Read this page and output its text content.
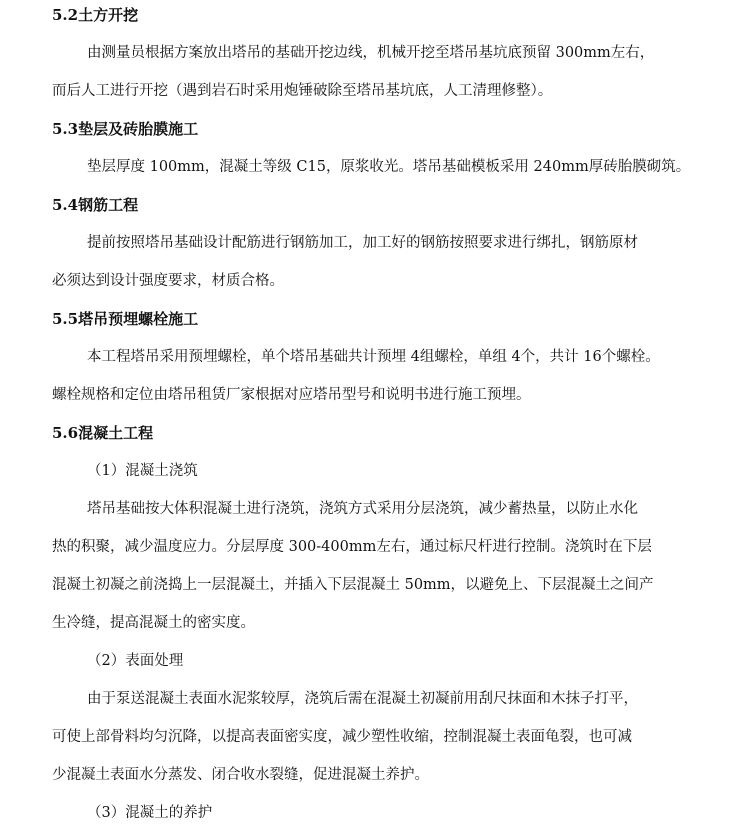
5.2土方开挖
由测量员根据方案放出塔吊的基础开挖边线，机械开挖至塔吊基坑底预留 300mm左右，
而后人工进行开挖（遇到岩石时采用炮锤破除至塔吊基坑底，人工清理修整）。
5.3垫层及砖胎膜施工
垫层厚度 100mm，混凝土等级 C15，原浆收光。塔吊基础模板采用 240mm厚砖胎膜砌筑。
5.4钢筋工程
提前按照塔吊基础设计配筋进行钢筋加工，加工好的钢筋按照要求进行绑扎，钢筋原材
必须达到设计强度要求，材质合格。
5.5塔吊预埋螺栓施工
本工程塔吊采用预埋螺栓，单个塔吊基础共计预埋 4组螺栓，单组 4个，共计 16个螺栓。
螺栓规格和定位由塔吊租赁厂家根据对应塔吊型号和说明书进行施工预埋。
5.6混凝土工程
（1）混凝土浇筑
塔吊基础按大体积混凝土进行浇筑，浇筑方式采用分层浇筑，减少蓄热量，以防止水化
热的积聚，减少温度应力。分层厚度 300-400mm左右，通过标尺杆进行控制。浇筑时在下层
混凝土初凝之前浇捣上一层混凝土，并插入下层混凝土 50mm，以避免上、下层混凝土之间产
生冷缝，提高混凝土的密实度。
（2）表面处理
由于泵送混凝土表面水泥浆较厚，浇筑后需在混凝土初凝前用刮尺抹面和木抹子打平，
可使上部骨料均匀沉降，以提高表面密实度，减少塑性收缩，控制混凝土表面龟裂，也可减
少混凝土表面水分蒸发、闭合收水裂缝，促进混凝土养护。
（3）混凝土的养护
